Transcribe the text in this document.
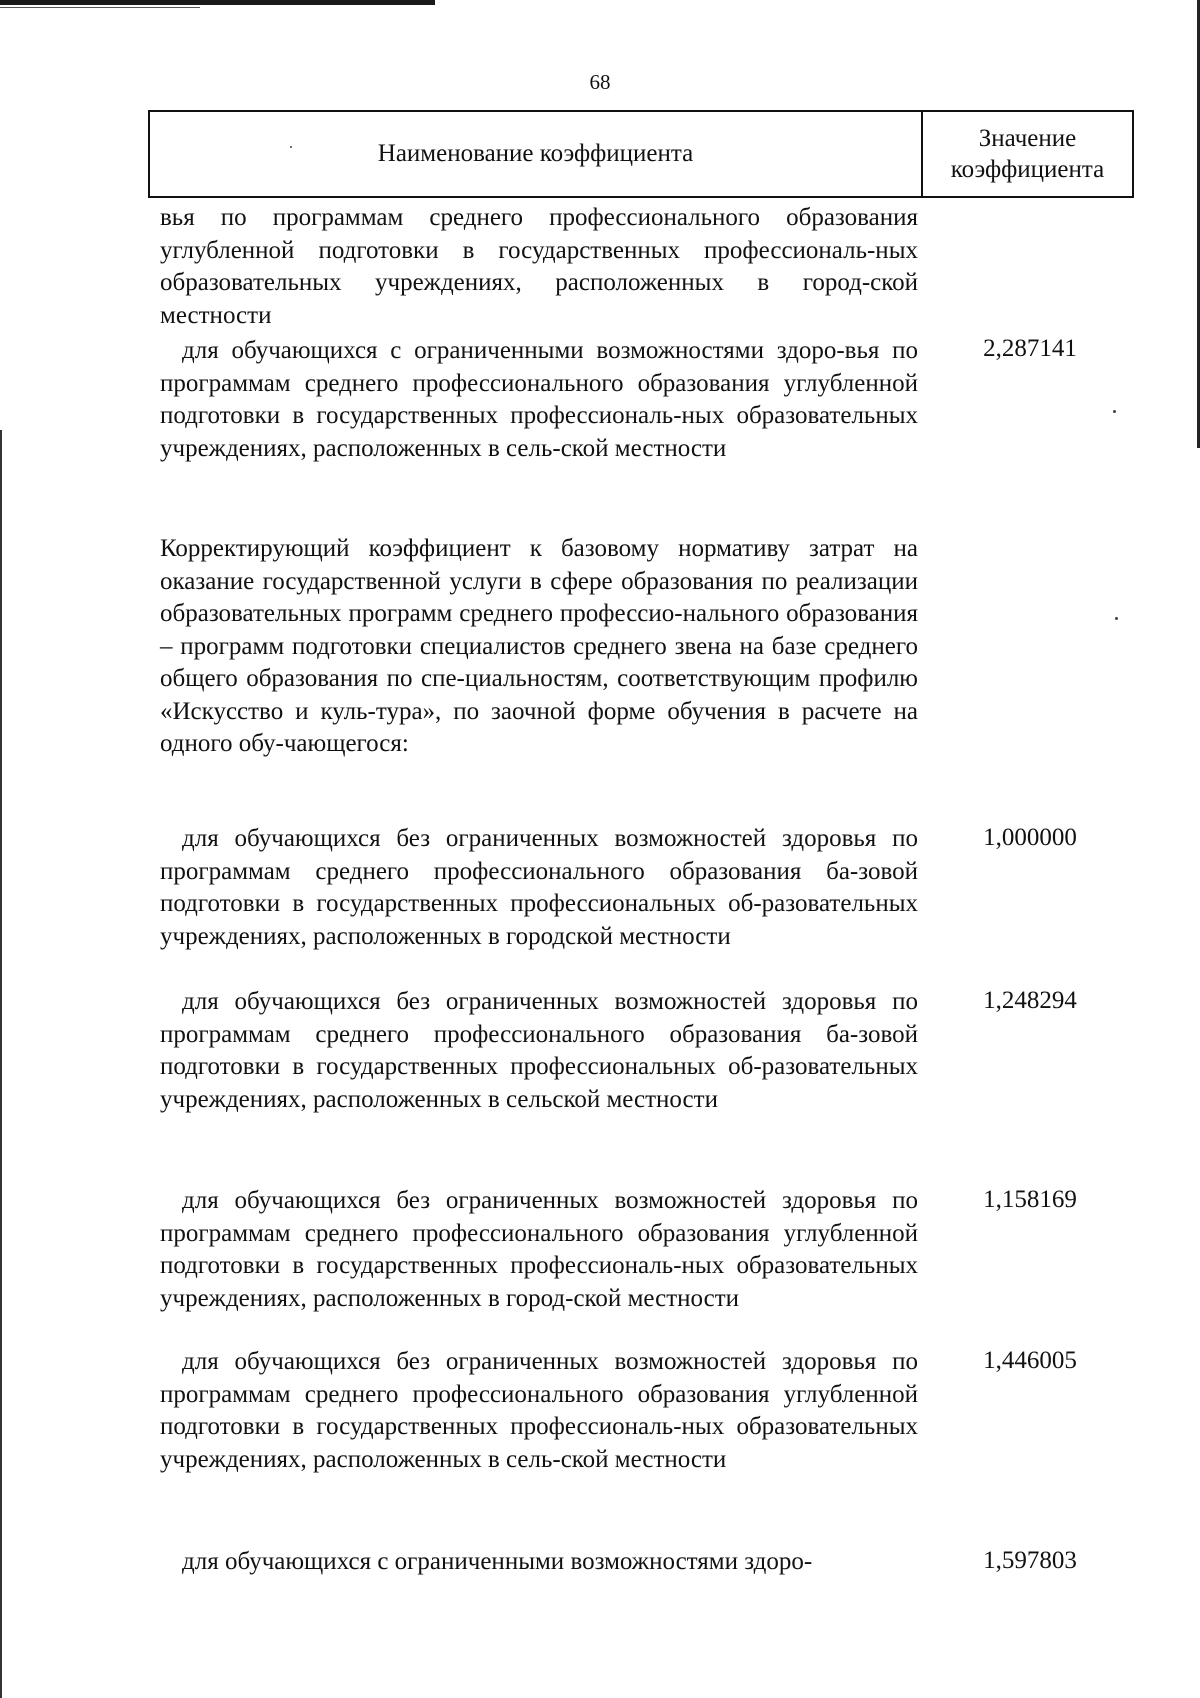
68
Наименование коэффициента
Значение
коэффициента
вья по программам среднего профессионального образования углубленной подготовки в государственных профессиональ-ных образовательных учреждениях, расположенных в город-ской местности
для обучающихся с ограниченными возможностями здоро-вья по программам среднего профессионального образования углубленной подготовки в государственных профессиональ-ных образовательных учреждениях, расположенных в сель-ской местности
2,287141
Корректирующий коэффициент к базовому нормативу затрат на оказание государственной услуги в сфере образования по реализации образовательных программ среднего профессио-нального образования – программ подготовки специалистов среднего звена на базе среднего общего образования по спе-циальностям, соответствующим профилю «Искусство и куль-тура», по заочной форме обучения в расчете на одного обу-чающегося:
для обучающихся без ограниченных возможностей здоровья по программам среднего профессионального образования ба-зовой подготовки в государственных профессиональных об-разовательных учреждениях, расположенных в городской местности
1,000000
для обучающихся без ограниченных возможностей здоровья по программам среднего профессионального образования ба-зовой подготовки в государственных профессиональных об-разовательных учреждениях, расположенных в сельской местности
1,248294
для обучающихся без ограниченных возможностей здоровья по программам среднего профессионального образования углубленной подготовки в государственных профессиональ-ных образовательных учреждениях, расположенных в город-ской местности
1,158169
для обучающихся без ограниченных возможностей здоровья по программам среднего профессионального образования углубленной подготовки в государственных профессиональ-ных образовательных учреждениях, расположенных в сель-ской местности
1,446005
для обучающихся с ограниченными возможностями здоро-	1,597803
